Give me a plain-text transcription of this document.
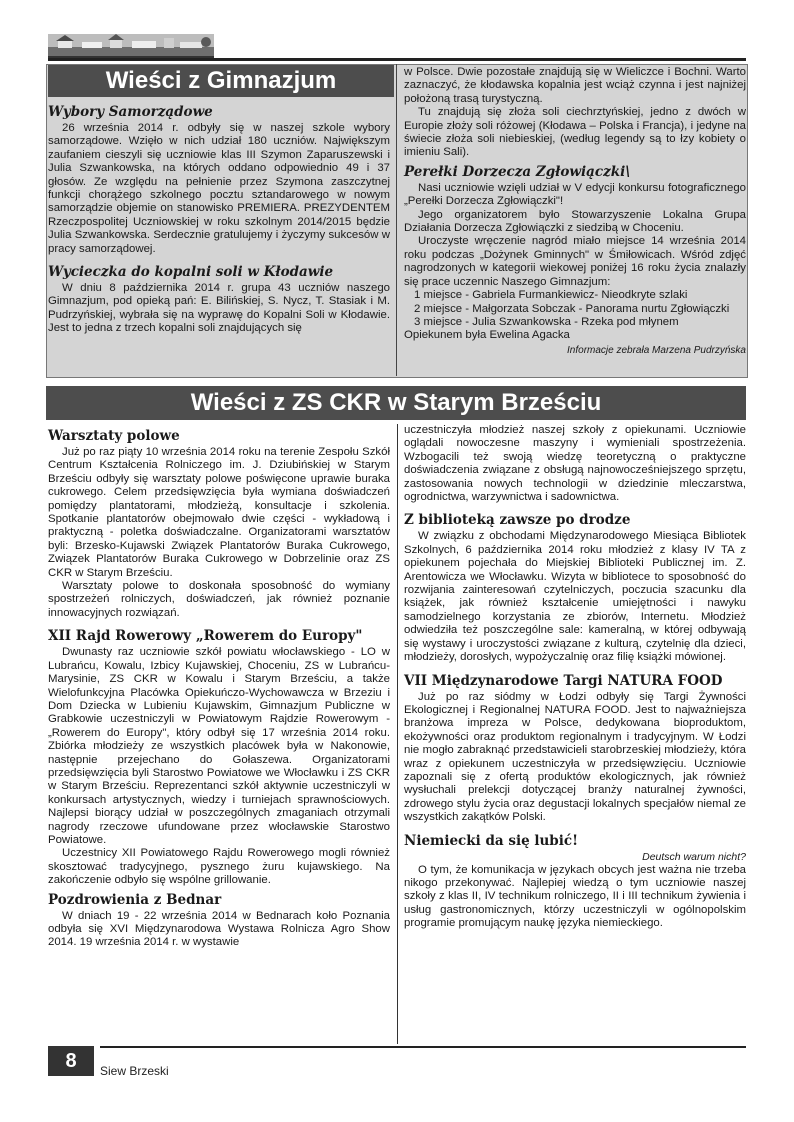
Wieści z Gimnazjum
Wybory Samorządowe

26 września 2014 r. odbyły się w naszej szkole wybory samorządowe. Wzięło w nich udział 180 uczniów. Największym zaufaniem cieszyli się uczniowie klas III Szymon Zaparuszewski i Julia Szwankowska, na których oddano odpowiednio 49 i 37 głosów. Ze względu na pełnienie przez Szymona zaszczytnej funkcji chorążego szkolnego pocztu sztandarowego w nowym samorządzie objemie on stanowisko PREMIERA. PREZYDENTEM Rzeczpospolitej Uczniowskiej w roku szkolnym 2014/2015 będzie Julia Szwankowska. Serdecznie gratulujemy i życzymy sukcesów w pracy samorządowej.

Wycieczka do kopalni soli w Kłodawie

W dniu 8 października 2014 r. grupa 43 uczniów naszego Gimnazjum, pod opieką pań: E. Bilińskiej, S. Nycz, T. Stasiak i M. Pudrzyńskiej, wybrała się na wyprawę do Kopalni Soli w Kłodawie. Jest to jedna z trzech kopalni soli znajdujących się

w Polsce. Dwie pozostałe znajdują się w Wieliczce i Bochni. Warto zaznaczyć, że kłodawska kopalnia jest wciąż czynna i jest najniżej położoną trasą turystyczną.

Tu znajdują się złoża soli ciechrztyńskiej, jedno z dwóch w Europie złoży soli różowej (Kłodawa – Polska i Francja), i jedyne na świecie złoża soli niebieskiej, (według legendy są to łzy kobiety o imieniu Sali).

Perełki Dorzecza Zgłowiączki\

Nasi uczniowie wzięli udział w V edycji konkursu fotograficznego „Perełki Dorzecza Zgłowiączki"!

Jego organizatorem było Stowarzyszenie Lokalna Grupa Działania Dorzecza Zgłowiączki z siedzibą w Choceniu.

Uroczyste wręczenie nagród miało miejsce 14 września 2014 roku podczas „Dożynek Gminnych" w Śmiłowicach. Wśród zdjęć nagrodzonych w kategorii wiekowej poniżej 16 roku życia znalazły się prace uczennic Naszego Gimnazjum:

1 miejsce - Gabriela Furmankiewicz- Nieodkryte szlaki

2 miejsce - Małgorzata Sobczak - Panorama nurtu Zgłowiączki

3 miejsce - Julia Szwankowska - Rzeka pod młynem

Opiekunem była Ewelina Agacka

Informacje zebrała Marzena Pudrzyńska
Wieści z ZS CKR w Starym Brześciu
Warsztaty polowe

Już po raz piąty 10 września 2014 roku na terenie Zespołu Szkół Centrum Kształcenia Rolniczego im. J. Dziubińskiej w Starym Brześciu odbyły się warsztaty polowe poświęcone uprawie buraka cukrowego. Celem przedsięwzięcia była wymiana doświadczeń pomiędzy plantatorami, młodzieżą, konsultacje i szkolenia. Spotkanie plantatorów obejmowało dwie części - wykładową i praktyczną - poletka doświadczalne. Organizatorami warsztatów byli: Brzesko-Kujawski Związek Plantatorów Buraka Cukrowego, Związek Plantatorów Buraka Cukrowego w Dobrzelinie oraz ZS CKR w Starym Brześciu.

Warsztaty polowe to doskonała sposobność do wymiany spostrzeżeń rolniczych, doświadczeń, jak również poznanie innowacyjnych rozwiązań.

XII Rajd Rowerowy „Rowerem do Europy"

Dwunasty raz uczniowie szkół powiatu włocławskiego - LO w Lubrańcu, Kowalu, Izbicy Kujawskiej, Choceniu, ZS w Lubrańcu-Marysinie, ZS CKR w Kowalu i Starym Brześciu, a także Wielofunkcyjna Placówka Opiekuńczo-Wychowawcza w Brzeziu i Dom Dziecka w Lubieniu Kujawskim, Gimnazjum Publiczne w Grabkowie uczestniczyli w Powiatowym Rajdzie Rowerowym - „Rowerem do Europy", który odbył się 17 września 2014 roku. Zbiórka młodzieży ze wszystkich placówek była w Nakonowie, następnie przejechano do Gołaszewa. Organizatorami przedsięwzięcia byli Starostwo Powiatowe we Włocławku i ZS CKR w Starym Brześciu. Reprezentanci szkół aktywnie uczestniczyli w konkursach artystycznych, wiedzy i turniejach sprawnościowych. Najlepsi biorący udział w poszczególnych zmaganiach otrzymali nagrody rzeczowe ufundowane przez włocławskie Starostwo Powiatowe.

Uczestnicy XII Powiatowego Rajdu Rowerowego mogli również skosztować tradycyjnego, pysznego żuru kujawskiego. Na zakończenie odbyło się wspólne grillowanie.

Pozdrowienia z Bednar

W dniach 19 - 22 września 2014 w Bednarach koło Poznania odbyła się XVI Międzynarodowa Wystawa Rolnicza Agro Show 2014. 19 września 2014 r. w wystawie

uczestniczyła młodzież naszej szkoły z opiekunami. Uczniowie oglądali nowoczesne maszyny i wymieniali spostrzeżenia. Wzbogacili też swoją wiedzę teoretyczną o praktyczne doświadczenia związane z obsługą najnowocześniejszego sprzętu, zastosowania nowych technologii w dziedzinie mleczarstwa, ogrodnictwa, warzywnictwa i sadownictwa.

Z biblioteką zawsze po drodze

W związku z obchodami Międzynarodowego Miesiąca Bibliotek Szkolnych, 6 października 2014 roku młodzież z klasy IV TA z opiekunem pojechała do Miejskiej Biblioteki Publicznej im. Z. Arentowicza we Włocławku. Wizyta w bibliotece to sposobność do rozwijania zainteresowań czytelniczych, poczucia szacunku dla książek, jak również kształcenie umiejętności i nawyku samodzielnego korzystania ze zbiorów, Internetu. Młodzież odwiedziła też poszczególne sale: kameralną, w której odbywają się wystawy i uroczystości związane z kulturą, czytelnię dla dzieci, młodzieży, dorosłych, wypożyczalnię oraz filię książki mówionej.

VII Międzynarodowe Targi NATURA FOOD

Już po raz siódmy w Łodzi odbyły się Targi Żywności Ekologicznej i Regionalnej NATURA FOOD. Jest to najważniejsza branżowa impreza w Polsce, dedykowana bioproduktom, ekożywności oraz produktom regionalnym i tradycyjnym. W Łodzi nie mogło zabraknąć przedstawicieli starobrzeskiej młodzieży, która wraz z opiekunem uczestniczyła w przedsięwzięciu. Uczniowie zapoznali się z ofertą produktów ekologicznych, jak również wysłuchali prelekcji dotyczącej branży naturalnej żywności, zdrowego stylu życia oraz degustacji lokalnych specjałów niemal ze wszystkich zakątków Polski.

Niemiecki da się lubić!
Deutsch warum nicht?

O tym, że komunikacja w językach obcych jest ważna nie trzeba nikogo przekonywać. Najlepiej wiedzą o tym uczniowie naszej szkoły z klas II, IV technikum rolniczego, II i III technikum żywienia i usług gastronomicznych, którzy uczestniczyli w ogólnopolskim programie promującym naukę języka niemieckiego.

8	Siew Brzeski
